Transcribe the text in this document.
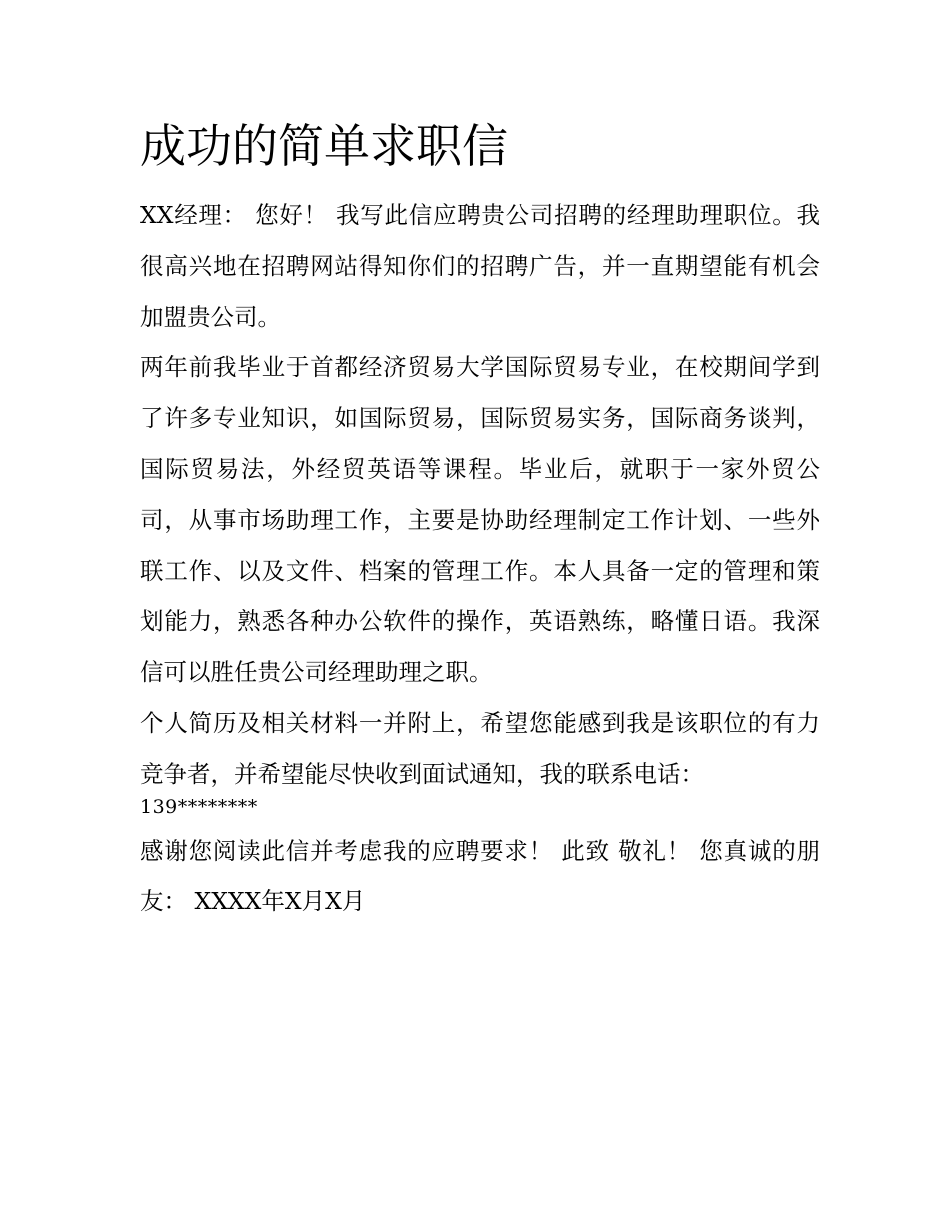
成功的简单求职信

XX经理： 您好！ 我写此信应聘贵公司招聘的经理助理职位。我很高兴地在招聘网站得知你们的招聘广告，并一直期望能有机会加盟贵公司。

两年前我毕业于首都经济贸易大学国际贸易专业，在校期间学到了许多专业知识，如国际贸易，国际贸易实务，国际商务谈判，国际贸易法，外经贸英语等课程。毕业后，就职于一家外贸公司，从事市场助理工作，主要是协助经理制定工作计划、一些外联工作、以及文件、档案的管理工作。本人具备一定的管理和策划能力，熟悉各种办公软件的操作，英语熟练，略懂日语。我深信可以胜任贵公司经理助理之职。

个人简历及相关材料一并附上，希望您能感到我是该职位的有力竞争者，并希望能尽快收到面试通知，我的联系电话：

139********

感谢您阅读此信并考虑我的应聘要求！ 此致 敬礼！ 您真诚的朋友： XXXX年X月X月
